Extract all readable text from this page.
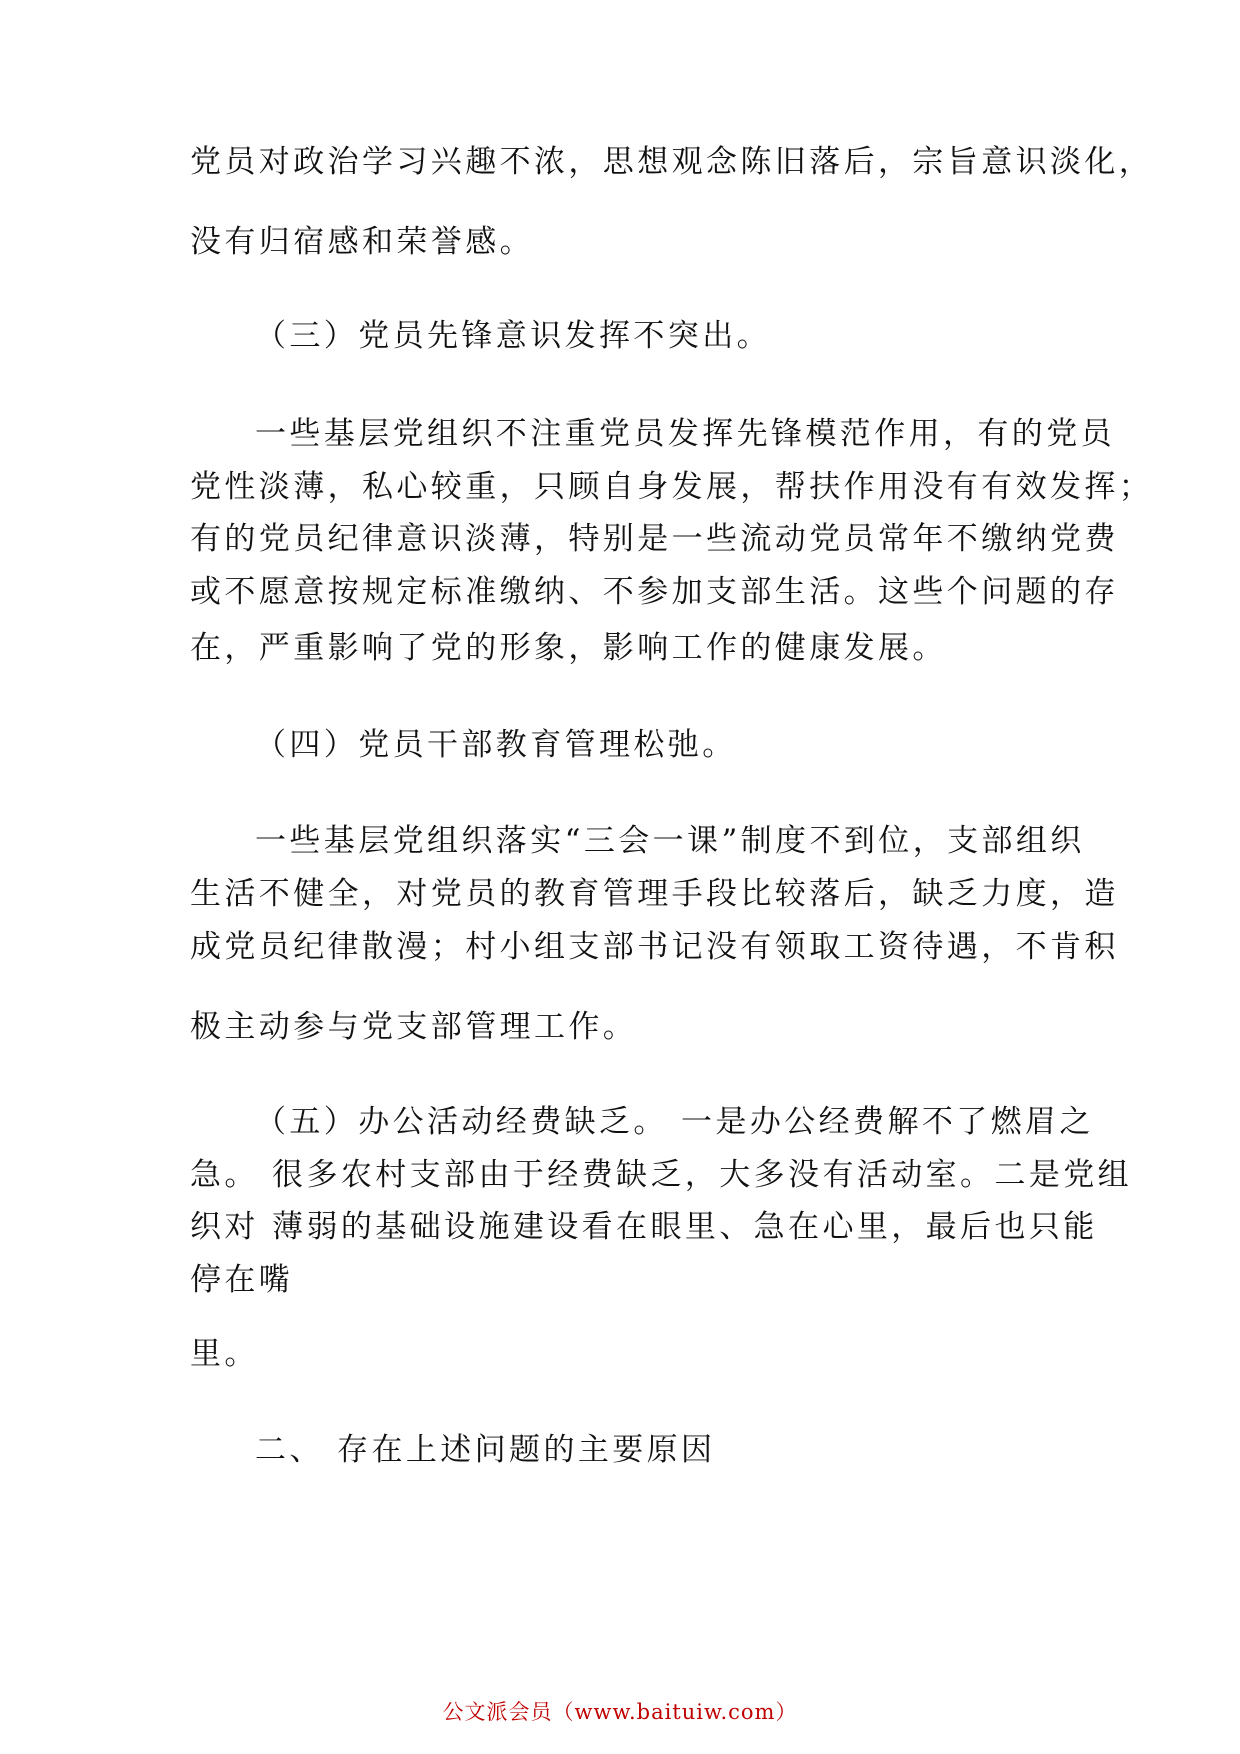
党员对政治学习兴趣不浓，思想观念陈旧落后，宗旨意识淡化，

没有归宿感和荣誉感。

（三）党员先锋意识发挥不突出。

一些基层党组织不注重党员发挥先锋模范作用，有的党员

党性淡薄，私心较重，只顾自身发展，帮扶作用没有有效发挥；

有的党员纪律意识淡薄，特别是一些流动党员常年不缴纳党费

或不愿意按规定标准缴纳、不参加支部生活。这些个问题的存

在，严重影响了党的形象，影响工作的健康发展。

（四）党员干部教育管理松弛。

一些基层党组织落实“三会一课”制度不到位，支部组织

生活不健全，对党员的教育管理手段比较落后，缺乏力度，造

成党员纪律散漫；村小组支部书记没有领取工资待遇，不肯积

极主动参与党支部管理工作。

（五）办公活动经费缺乏。 一是办公经费解不了燃眉之

急。 很多农村支部由于经费缺乏，大多没有活动室。二是党组

织对 薄弱的基础设施建设看在眼里、急在心里，最后也只能

停在嘴

里。

二、 存在上述问题的主要原因

公文派会员（www.baituiw.com）
